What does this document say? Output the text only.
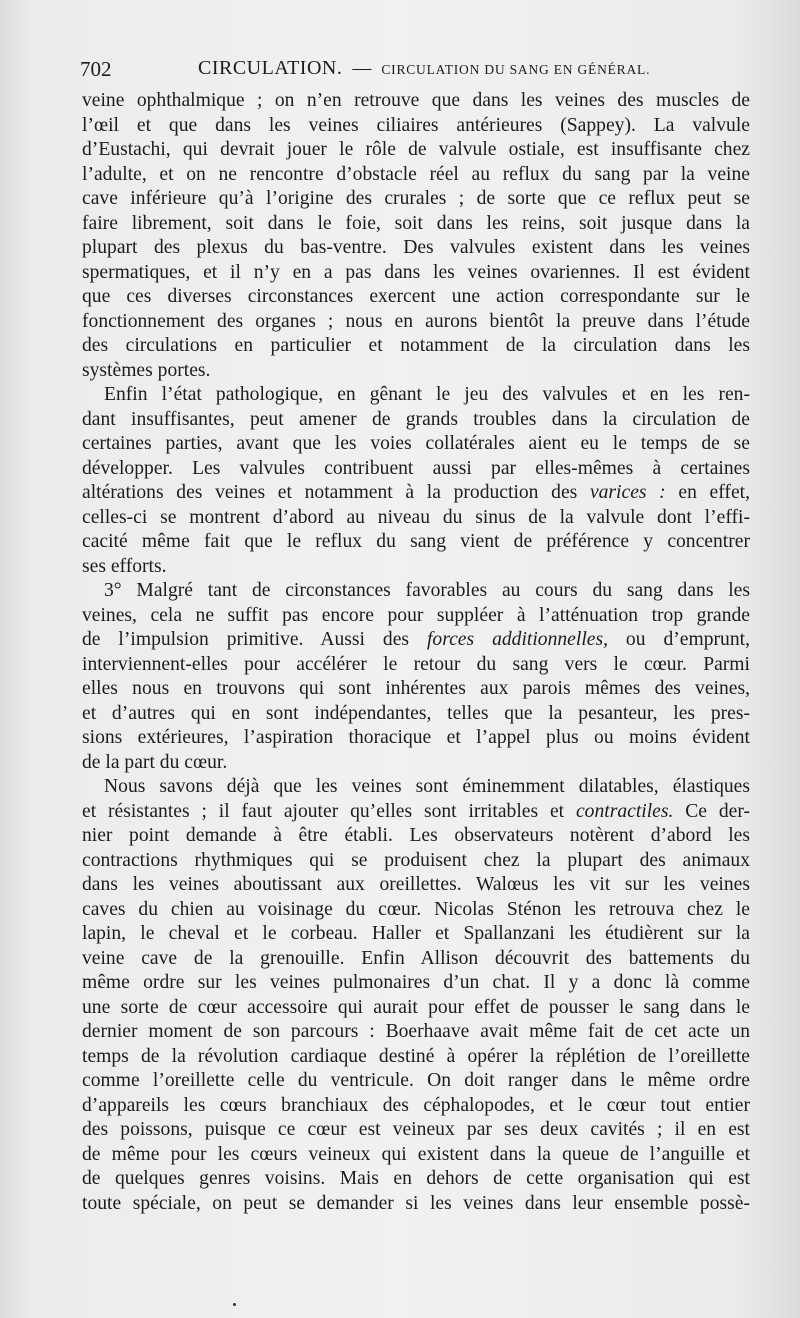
702	CIRCULATION. — CIRCULATION DU SANG EN GÉNÉRAL.
veine ophthalmique ; on n’en retrouve que dans les veines des muscles de
l’œil et que dans les veines ciliaires antérieures (Sappey). La valvule
d’Eustachi, qui devrait jouer le rôle de valvule ostiale, est insuffisante chez
l’adulte, et on ne rencontre d’obstacle réel au reflux du sang par la veine
cave inférieure qu’à l’origine des crurales ; de sorte que ce reflux peut se
faire librement, soit dans le foie, soit dans les reins, soit jusque dans la
plupart des plexus du bas-ventre. Des valvules existent dans les veines
spermatiques, et il n’y en a pas dans les veines ovariennes. Il est évident
que ces diverses circonstances exercent une action correspondante sur le
fonctionnement des organes ; nous en aurons bientôt la preuve dans l’étude
des circulations en particulier et notamment de la circulation dans les
systèmes portes.
Enfin l’état pathologique, en gênant le jeu des valvules et en les ren-
dant insuffisantes, peut amener de grands troubles dans la circulation de
certaines parties, avant que les voies collatérales aient eu le temps de se
développer. Les valvules contribuent aussi par elles-mêmes à certaines
altérations des veines et notamment à la production des varices : en effet,
celles-ci se montrent d’abord au niveau du sinus de la valvule dont l’effi-
cacité même fait que le reflux du sang vient de préférence y concentrer
ses efforts.
3° Malgré tant de circonstances favorables au cours du sang dans les
veines, cela ne suffit pas encore pour suppléer à l’atténuation trop grande
de l’impulsion primitive. Aussi des forces additionnelles, ou d’emprunt,
interviennent-elles pour accélérer le retour du sang vers le cœur. Parmi
elles nous en trouvons qui sont inhérentes aux parois mêmes des veines,
et d’autres qui en sont indépendantes, telles que la pesanteur, les pres-
sions extérieures, l’aspiration thoracique et l’appel plus ou moins évident
de la part du cœur.
Nous savons déjà que les veines sont éminemment dilatables, élastiques
et résistantes ; il faut ajouter qu’elles sont irritables et contractiles. Ce der-
nier point demande à être établi. Les observateurs notèrent d’abord les
contractions rhythmiques qui se produisent chez la plupart des animaux
dans les veines aboutissant aux oreillettes. Walœus les vit sur les veines
caves du chien au voisinage du cœur. Nicolas Sténon les retrouva chez le
lapin, le cheval et le corbeau. Haller et Spallanzani les étudièrent sur la
veine cave de la grenouille. Enfin Allison découvrit des battements du
même ordre sur les veines pulmonaires d’un chat. Il y a donc là comme
une sorte de cœur accessoire qui aurait pour effet de pousser le sang dans le
dernier moment de son parcours : Boerhaave avait même fait de cet acte un
temps de la révolution cardiaque destiné à opérer la réplétion de l’oreillette
comme l’oreillette celle du ventricule. On doit ranger dans le même ordre
d’appareils les cœurs branchiaux des céphalopodes, et le cœur tout entier
des poissons, puisque ce cœur est veineux par ses deux cavités ; il en est
de même pour les cœurs veineux qui existent dans la queue de l’anguille et
de quelques genres voisins. Mais en dehors de cette organisation qui est
toute spéciale, on peut se demander si les veines dans leur ensemble possè-
